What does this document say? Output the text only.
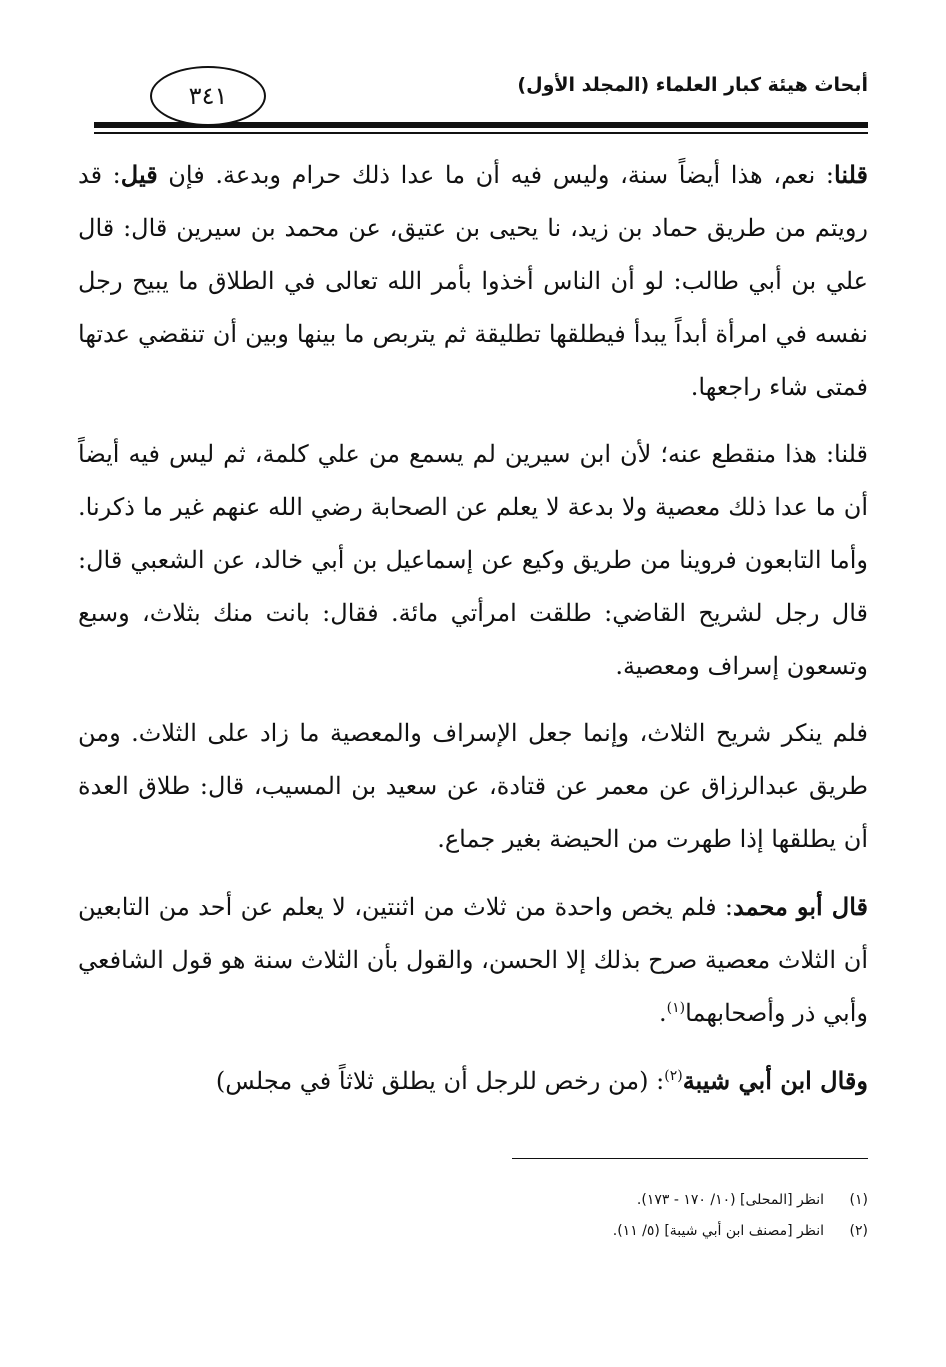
أبحاث هيئة كبار العلماء (المجلد الأول)
٣٤١

قلنا: نعم، هذا أيضاً سنة، وليس فيه أن ما عدا ذلك حرام وبدعة. فإن قيل: قد رويتم من طريق حماد بن زيد، نا يحيى بن عتيق، عن محمد بن سيرين قال: قال علي بن أبي طالب: لو أن الناس أخذوا بأمر الله تعالى في الطلاق ما يبيح رجل نفسه في امرأة أبداً يبدأ فيطلقها تطليقة ثم يتربص ما بينها وبين أن تنقضي عدتها فمتى شاء راجعها.

قلنا: هذا منقطع عنه؛ لأن ابن سيرين لم يسمع من علي كلمة، ثم ليس فيه أيضاً أن ما عدا ذلك معصية ولا بدعة لا يعلم عن الصحابة رضي الله عنهم غير ما ذكرنا. وأما التابعون فروينا من طريق وكيع عن إسماعيل بن أبي خالد، عن الشعبي قال: قال رجل لشريح القاضي: طلقت امرأتي مائة. فقال: بانت منك بثلاث، وسبع وتسعون إسراف ومعصية.

فلم ينكر شريح الثلاث، وإنما جعل الإسراف والمعصية ما زاد على الثلاث. ومن طريق عبدالرزاق عن معمر عن قتادة، عن سعيد بن المسيب، قال: طلاق العدة أن يطلقها إذا طهرت من الحيضة بغير جماع.

قال أبو محمد: فلم يخص واحدة من ثلاث من اثنتين، لا يعلم عن أحد من التابعين أن الثلاث معصية صرح بذلك إلا الحسن، والقول بأن الثلاث سنة هو قول الشافعي وأبي ذر وأصحابهما$^{(١)}$.

وقال ابن أبي شيبة$^{(٢)}$: (من رخص للرجل أن يطلق ثلاثاً في مجلس)

(١)انظر [المحلى] (١٠/ ١٧٠ - ١٧٣).
(٢)انظر [مصنف ابن أبي شيبة] (٥/ ١١).
